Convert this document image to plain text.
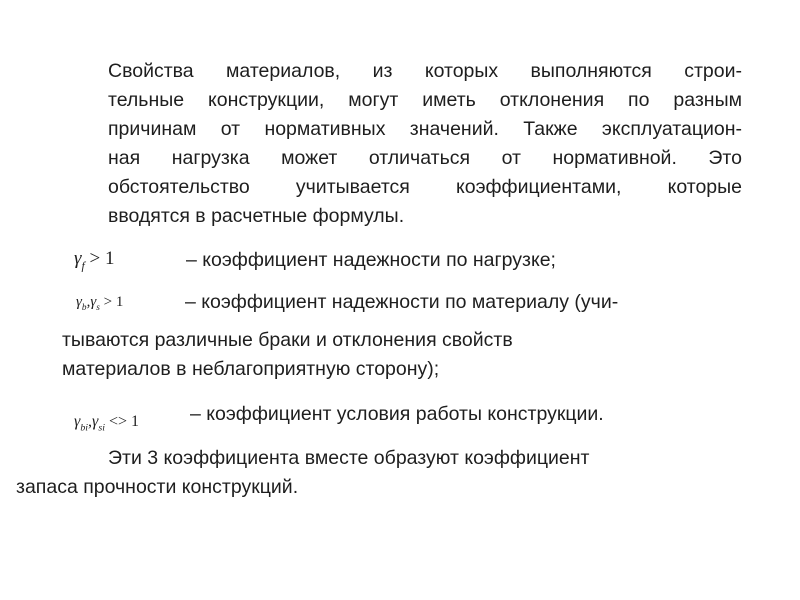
Свойства материалов, из которых выполняются строи-
тельные конструкции, могут иметь отклонения по разным
причинам от нормативных значений. Также эксплуатацион-
ная нагрузка может отличаться от нормативной. Это
обстоятельство учитывается коэффициентами, которые
вводятся в расчетные формулы.

$\gamma_f > 1$	– коэффициент надежности по нагрузке;
$\gamma_b,\gamma_s > 1$	– коэффициент надежности по материалу (учи-
тываются различные браки и отклонения свойств
материалов в неблагоприятную сторону);
$\gamma_{bi},\gamma_{si} <> 1$	– коэффициент условия работы конструкции.

Эти 3 коэффициента вместе образуют коэффициент
запаса прочности конструкций.
